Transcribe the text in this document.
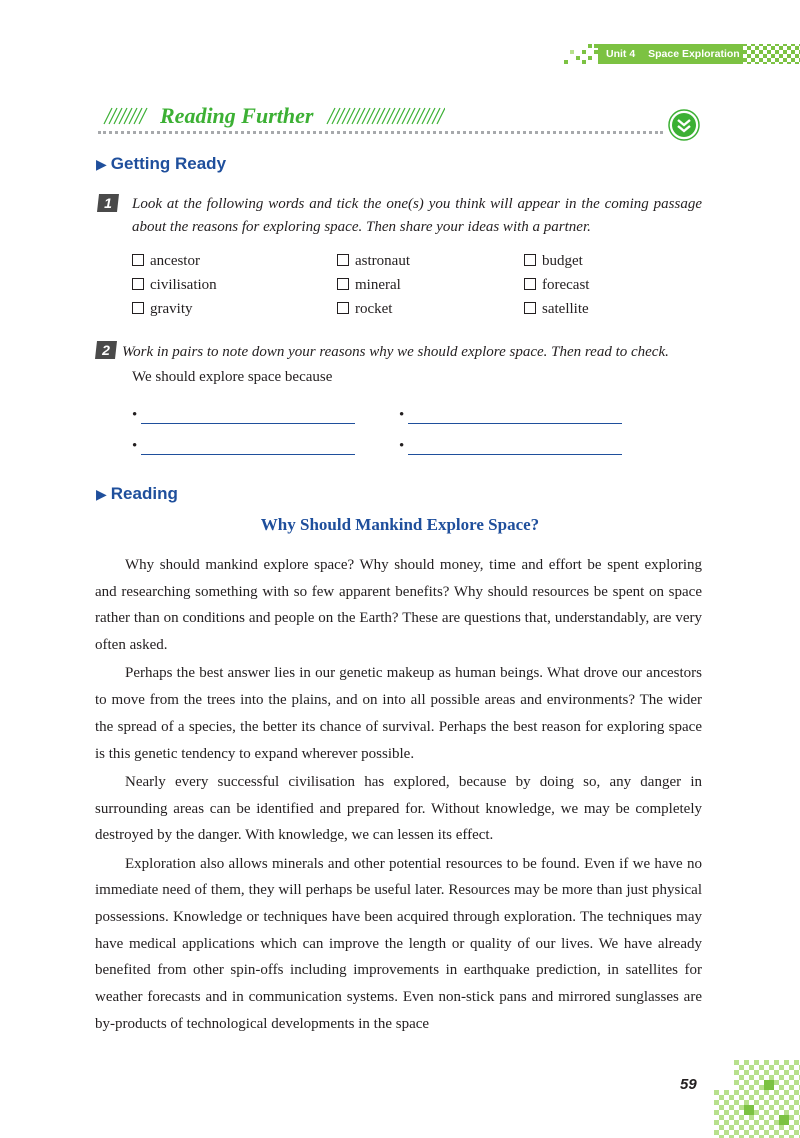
Unit 4 Space Exploration
Reading Further
▶ Getting Ready
1 Look at the following words and tick the one(s) you think will appear in the coming passage about the reasons for exploring space. Then share your ideas with a partner.
ancestor	astronaut	budget
civilisation	mineral	forecast
gravity	rocket	satellite
2 Work in pairs to note down your reasons why we should explore space. Then read to check.
We should explore space because
•	•
•	•
▶ Reading
Why Should Mankind Explore Space?

Why should mankind explore space? Why should money, time and effort be spent exploring and researching something with so few apparent benefits? Why should resources be spent on space rather than on conditions and people on the Earth? These are questions that, understandably, are very often asked.

Perhaps the best answer lies in our genetic makeup as human beings. What drove our ancestors to move from the trees into the plains, and on into all possible areas and environments? The wider the spread of a species, the better its chance of survival. Perhaps the best reason for exploring space is this genetic tendency to expand wherever possible.

Nearly every successful civilisation has explored, because by doing so, any danger in surrounding areas can be identified and prepared for. Without knowledge, we may be completely destroyed by the danger. With knowledge, we can lessen its effect.

Exploration also allows minerals and other potential resources to be found. Even if we have no immediate need of them, they will perhaps be useful later. Resources may be more than just physical possessions. Knowledge or techniques have been acquired through exploration. The techniques may have medical applications which can improve the length or quality of our lives. We have already benefited from other spin-offs including improvements in earthquake prediction, in satellites for weather forecasts and in communication systems. Even non-stick pans and mirrored sunglasses are by-products of technological developments in the space

59
